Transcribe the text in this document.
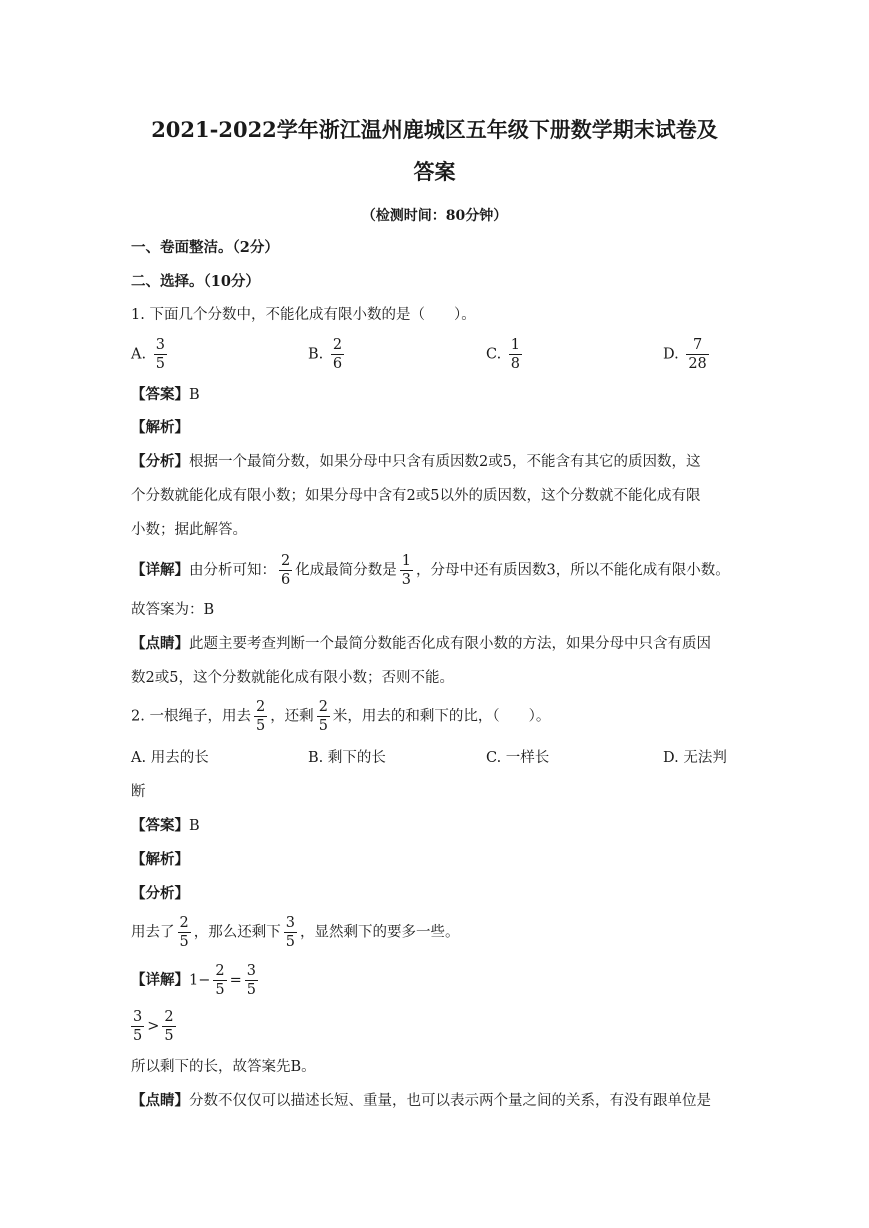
2021-2022学年浙江温州鹿城区五年级下册数学期末试卷及
答案
（检测时间：80分钟）
一、卷面整洁。（2分）
二、选择。（10分）
1. 下面几个分数中，不能化成有限小数的是（　　）。
A. $\frac{3}{5}$	B. $\frac{2}{6}$	C. $\frac{1}{8}$	D. $\frac{7}{28}$
【答案】B
【解析】
【分析】根据一个最简分数，如果分母中只含有质因数2或5，不能含有其它的质因数，这
个分数就能化成有限小数；如果分母中含有2或5以外的质因数，这个分数就不能化成有限
小数；据此解答。
【详解】由分析可知： $\frac{2}{6}$ 化成最简分数是 $\frac{1}{3}$ ，分母中还有质因数3，所以不能化成有限小数。
故答案为：B
【点睛】此题主要考查判断一个最简分数能否化成有限小数的方法，如果分母中只含有质因
数2或5，这个分数就能化成有限小数；否则不能。
2. 一根绳子，用去 $\frac{2}{5}$ ，还剩 $\frac{2}{5}$ 米，用去的和剩下的比，（　　）。
A. 用去的长	B. 剩下的长	C. 一样长	D. 无法判
断
【答案】B
【解析】
【分析】
用去了 $\frac{2}{5}$ ，那么还剩下 $\frac{3}{5}$ ，显然剩下的要多一些。
【详解】$1- \frac{2}{5} = \frac{3}{5}$
$\frac{3}{5} > \frac{2}{5}$
所以剩下的长，故答案先B。
【点睛】分数不仅仅可以描述长短、重量，也可以表示两个量之间的关系，有没有跟单位是
